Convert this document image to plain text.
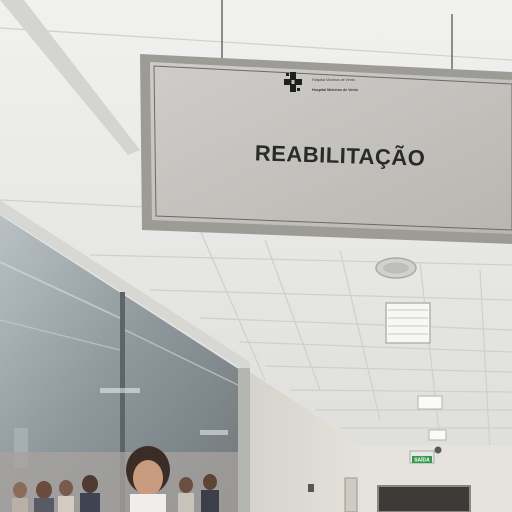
SAÍDA
Hospital Moinhos de Vento
Hospital Moinhos de Vento
REABILITAÇÃO
